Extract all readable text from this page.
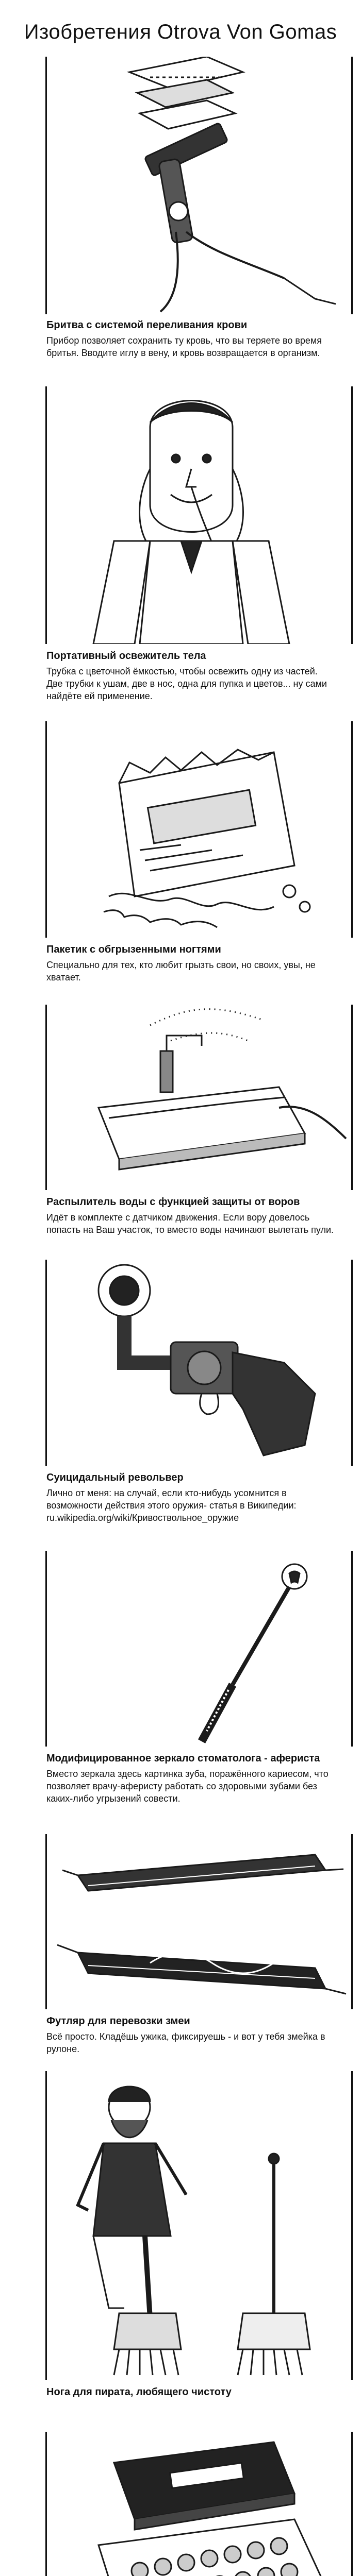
Изобретения Otrova Von Gomas
Бритва с системой переливания крови

Прибор позволяет сохранить ту кровь, что вы теряете во время бритья. Вводите иглу в вену, и кровь возвращается в организм.

Портативный освежитель тела

Трубка с цветочной ёмкостью, чтобы освежить одну из частей. Две трубки к ушам, две в нос, одна для пупка и цветов... ну сами найдёте ей применение.

Пакетик с обгрызенными ногтями

Специально для тех, кто любит грызть свои, но своих, увы, не хватает.

Распылитель воды с функцией защиты от воров

Идёт в комплекте с датчиком движения. Если вору довелось попасть на Ваш участок, то вместо воды начинают вылетать пули.

Суицидальный револьвер

Лично от меня: на случай, если кто-нибудь усомнится в возможности действия этого оружия- статья в Википедии: ru.wikipedia.org/wiki/Кривоствольное_оружие

Модифицированное зеркало стоматолога - афериста

Вместо зеркала здесь картинка зуба, поражённого кариесом, что позволяет врачу-аферисту работать со здоровыми зубами без каких-либо угрызений совести.

Футляр для перевозки змеи

Всё просто. Кладёшь ужика, фиксируешь - и вот у тебя змейка в рулоне.

Нога для пирата, любящего чистоту
